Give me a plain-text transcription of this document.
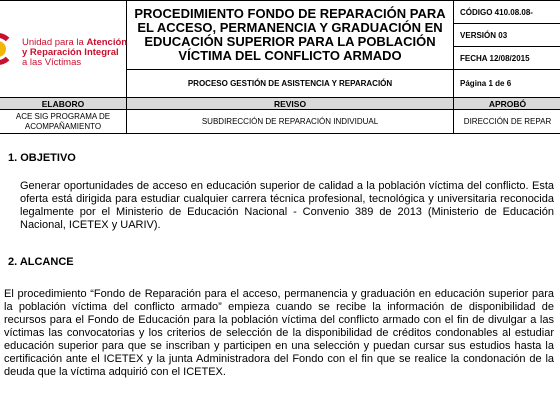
Unidad para la Atención
y Reparación Integral
a las Víctimas	PROCEDIMIENTO FONDO DE REPARACIÓN PARA EL ACCESO, PERMANENCIA Y GRADUACIÓN EN EDUCACIÓN SUPERIOR PARA LA POBLACIÓN VÍCTIMA DEL CONFLICTO ARMADO	CÓDIGO 410.08.08-
		VERSIÓN 03
		FECHA 12/08/2015
	PROCESO GESTIÓN DE ASISTENCIA Y REPARACIÓN	Página 1 de 6
ELABORO	REVISO	APROBÓ
ACE SIG PROGRAMA DE ACOMPAÑAMIENTO	SUBDIRECCIÓN DE REPARACIÓN INDIVIDUAL	DIRECCIÓN DE REPAR
1. OBJETIVO
Generar oportunidades de acceso en educación superior de calidad a la población víctima del conflicto. Esta oferta está dirigida para estudiar cualquier carrera técnica profesional, tecnológica y universitaria reconocida legalmente por el Ministerio de Educación Nacional - Convenio 389 de 2013 (Ministerio de Educación Nacional, ICETEX y UARIV).
2. ALCANCE
El procedimiento “Fondo de Reparación para el acceso, permanencia y graduación en educación superior para la población víctima del conflicto armado” empieza cuando se recibe la información de disponibilidad de recursos para el Fondo de Educación para la población víctima del conflicto armado con el fin de divulgar a las víctimas las convocatorias y los criterios de selección de la disponibilidad de créditos condonables al estudiar educación superior para que se inscriban y participen en una selección y puedan cursar sus estudios hasta la certificación ante el ICETEX y la junta Administradora del Fondo con el fin que se realice la condonación de la deuda que la víctima adquirió con el ICETEX.
